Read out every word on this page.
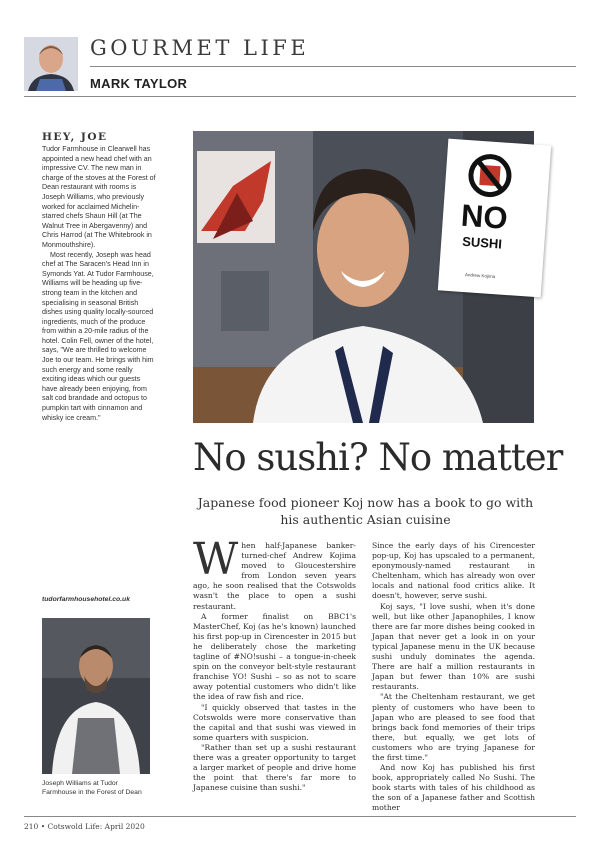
GOURMET LIFE
MARK TAYLOR
HEY, JOE

Tudor Farmhouse in Clearwell has appointed a new head chef with an impressive CV. The new man in charge of the stoves at the Forest of Dean restaurant with rooms is Joseph Williams, who previously worked for acclaimed Michelin-starred chefs Shaun Hill (at The Walnut Tree in Abergavenny) and Chris Harrod (at The Whitebrook in Monmouthshire).

Most recently, Joseph was head chef at The Saracen's Head Inn in Symonds Yat. At Tudor Farmhouse, Williams will be heading up five-strong team in the kitchen and specialising in seasonal British dishes using quality locally-sourced ingredients, much of the produce from within a 20-mile radius of the hotel. Colin Fell, owner of the hotel, says, "We are thrilled to welcome Joe to our team. He brings with him such energy and some really exciting ideas which our guests have already been enjoying, from salt cod brandade and octopus to pumpkin tart with cinnamon and whisky ice cream."

tudorfarmhousehotel.co.uk
Joseph Williams at Tudor Farmhouse in the Forest of Dean
NO
SUSHI
Andrew Kojima
No sushi? No matter
Japanese food pioneer Koj now has a book to go with his authentic Asian cuisine

When half-Japanese banker-turned-chef Andrew Kojima moved to Gloucestershire from London seven years ago, he soon realised that the Cotswolds wasn't the place to open a sushi restaurant.

A former finalist on BBC1's MasterChef, Koj (as he's known) launched his first pop-up in Cirencester in 2015 but he deliberately chose the marketing tagline of #NO!sushi – a tongue-in-cheek spin on the conveyor belt-style restaurant franchise YO! Sushi – so as not to scare away potential customers who didn't like the idea of raw fish and rice.

"I quickly observed that tastes in the Cotswolds were more conservative than the capital and that sushi was viewed in some quarters with suspicion.

"Rather than set up a sushi restaurant there was a greater opportunity to target a larger market of people and drive home the point that there's far more to Japanese cuisine than sushi."

Since the early days of his Cirencester pop-up, Koj has upscaled to a permanent, eponymously-named restaurant in Cheltenham, which has already won over locals and national food critics alike. It doesn't, however, serve sushi.

Koj says, "I love sushi, when it's done well, but like other Japanophiles, I know there are far more dishes being cooked in Japan that never get a look in on your typical Japanese menu in the UK because sushi unduly dominates the agenda. There are half a million restaurants in Japan but fewer than 10% are sushi restaurants.

"At the Cheltenham restaurant, we get plenty of customers who have been to Japan who are pleased to see food that brings back fond memories of their trips there, but equally, we get lots of customers who are trying Japanese for the first time."

And now Koj has published his first book, appropriately called No Sushi. The book starts with tales of his childhood as the son of a Japanese father and Scottish mother

210 • Cotswold Life: April 2020
